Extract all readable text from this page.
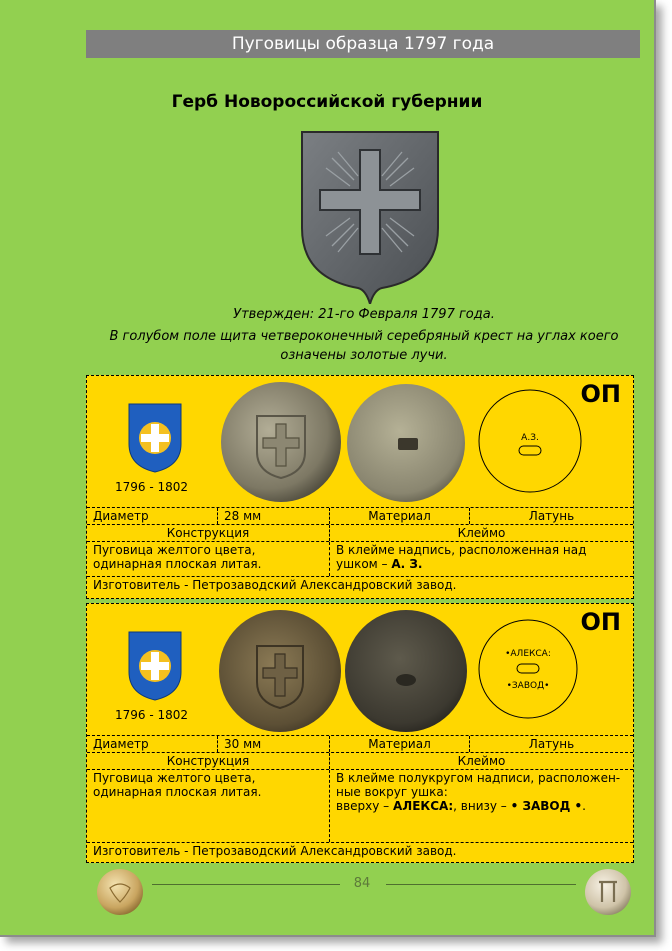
Пуговицы образца 1797 года
Герб Новороссийской губернии
Утвержден: 21-го Февраля 1797 года.
В голубом поле щита четвероконечный серебряный крест на углах коего
означены золотые лучи.
1796 - 1802
А.З.
ОП
Диаметр	28 мм	Материал	Латунь
Конструкция	Клеймо
Пуговица желтого цвета, одинарная плоская литая.
В клейме надпись, расположенная над ушком – А. З.
Изготовитель - Петрозаводский Александровский завод.
1796 - 1802
•АЛЕКСА:
•ЗАВОД•
ОП
Диаметр	30 мм	Материал	Латунь
Конструкция	Клеймо
Пуговица желтого цвета, одинарная плоская литая.
В клейме полукругом надписи, расположен-
ные вокруг ушка:
вверху – АЛЕКСА:, внизу – • ЗАВОД •.
Изготовитель - Петрозаводский Александровский завод.
84
